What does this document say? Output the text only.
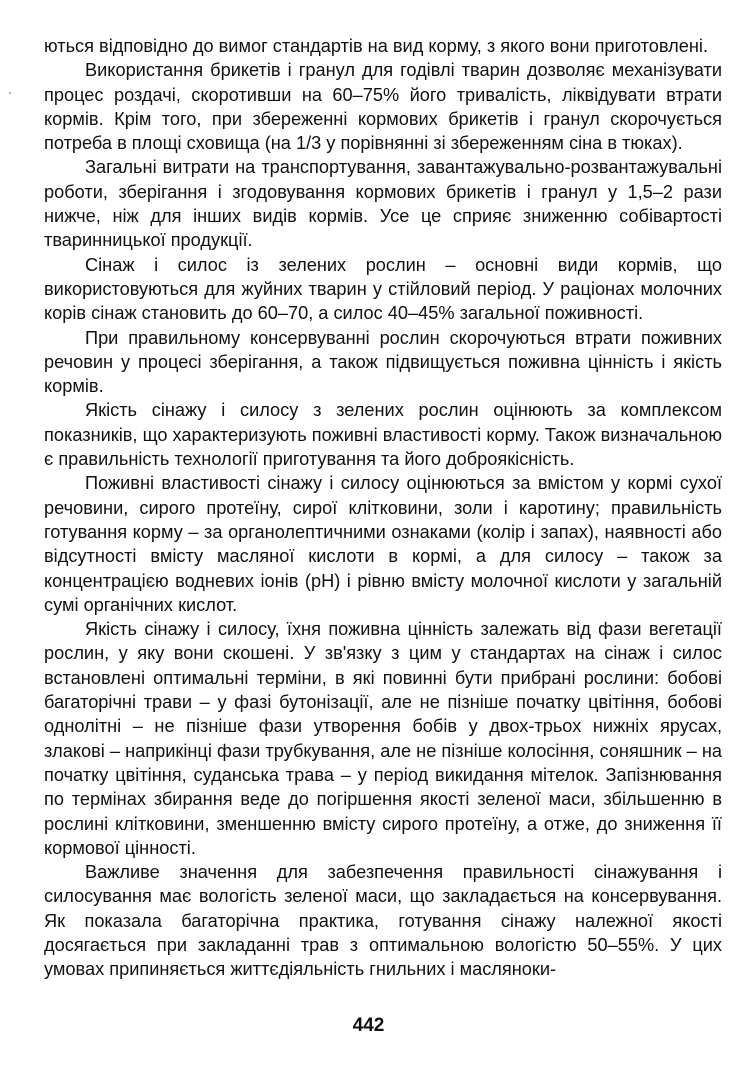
ються відповідно до вимог стандартів на вид корму, з якого вони приготовлені.

Використання брикетів і гранул для годівлі тварин дозволяє механізувати процес роздачі, скоротивши на 60–75% його тривалість, ліквідувати втрати кормів. Крім того, при збереженні кормових брикетів і гранул скорочується потреба в площі сховища (на 1/3 у порівнянні зі збереженням сіна в тюках).

Загальні витрати на транспортування, завантажувально-розвантажувальні роботи, зберігання і згодовування кормових брикетів і гранул у 1,5–2 рази нижче, ніж для інших видів кормів. Усе це сприяє зниженню собівартості тваринницької продукції.

Сінаж і силос із зелених рослин – основні види кормів, що використовуються для жуйних тварин у стійловий період. У раціонах молочних корів сінаж становить до 60–70, а силос 40–45% загальної поживності.

При правильному консервуванні рослин скорочуються втрати поживних речовин у процесі зберігання, а також підвищується поживна цінність і якість кормів.

Якість сінажу і силосу з зелених рослин оцінюють за комплексом показників, що характеризують поживні властивості корму. Також визначальною є правильність технології приготування та його доброякісність.

Поживні властивості сінажу і силосу оцінюються за вмістом у кормі сухої речовини, сирого протеїну, сирої клітковини, золи і каротину; правильність готування корму – за органолептичними ознаками (колір і запах), наявності або відсутності вмісту масляної кислоти в кормі, а для силосу – також за концентрацією водневих іонів (рН) і рівню вмісту молочної кислоти у загальній сумі органічних кислот.

Якість сінажу і силосу, їхня поживна цінність залежать від фази вегетації рослин, у яку вони скошені. У зв'язку з цим у стандартах на сінаж і силос встановлені оптимальні терміни, в які повинні бути прибрані рослини: бобові багаторічні трави – у фазі бутонізації, але не пізніше початку цвітіння, бобові однолітні – не пізніше фази утворення бобів у двох-трьох нижніх ярусах, злакові – наприкінці фази трубкування, але не пізніше колосіння, соняшник – на початку цвітіння, суданська трава – у період викидання мітелок. Запізнювання по термінах збирання веде до погіршення якості зеленої маси, збільшенню в рослині клітковини, зменшенню вмісту сирого протеїну, а отже, до зниження її кормової цінності.

Важливе значення для забезпечення правильності сінажування і силосування має вологість зеленої маси, що закладається на консервування. Як показала багаторічна практика, готування сінажу належної якості досягається при закладанні трав з оптимальною вологістю 50–55%. У цих умовах припиняється життєдіяльність гнильних і маслянoки-

442
